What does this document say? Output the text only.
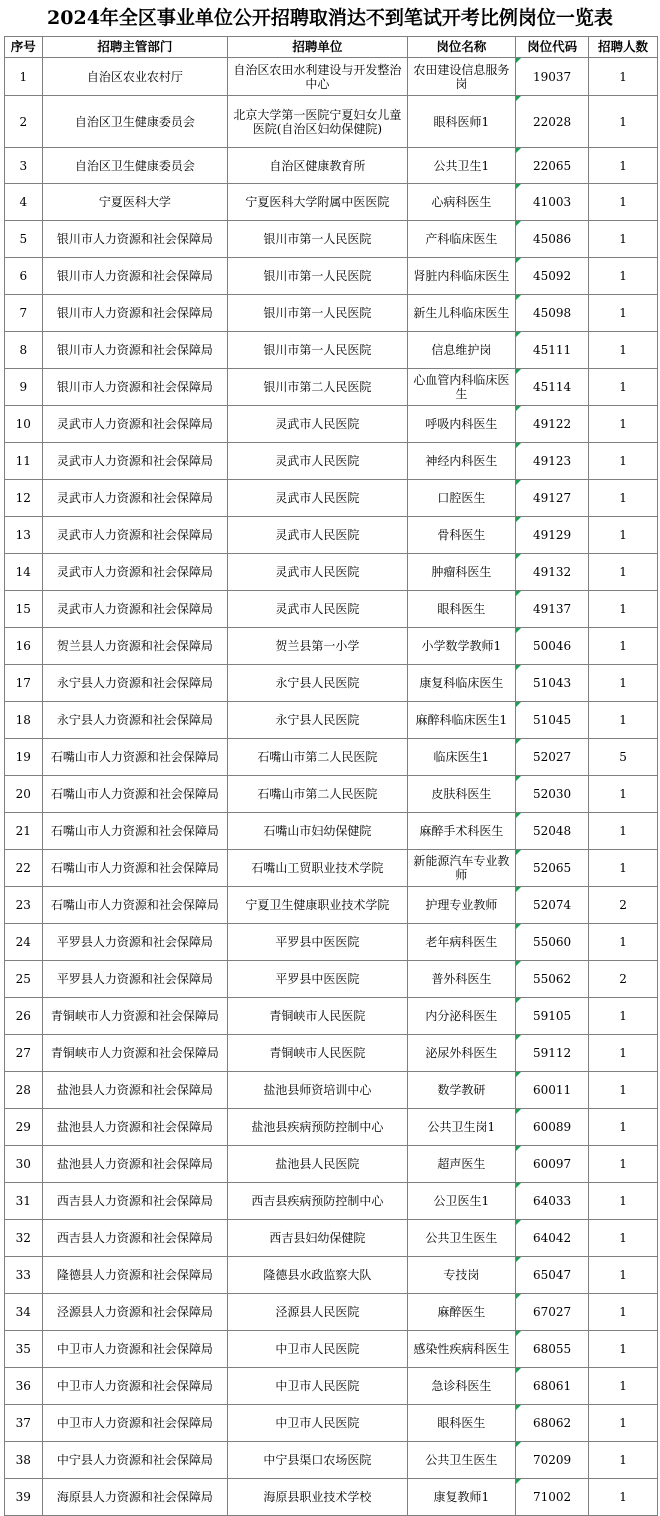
2024年全区事业单位公开招聘取消达不到笔试开考比例岗位一览表
序号	招聘主管部门	招聘单位	岗位名称	岗位代码	招聘人数
1	自治区农业农村厅	自治区农田水利建设与开发整治中心	农田建设信息服务岗	19037	1
2	自治区卫生健康委员会	北京大学第一医院宁夏妇女儿童医院(自治区妇幼保健院)	眼科医师1	22028	1
3	自治区卫生健康委员会	自治区健康教育所	公共卫生1	22065	1
4	宁夏医科大学	宁夏医科大学附属中医医院	心病科医生	41003	1
5	银川市人力资源和社会保障局	银川市第一人民医院	产科临床医生	45086	1
6	银川市人力资源和社会保障局	银川市第一人民医院	肾脏内科临床医生	45092	1
7	银川市人力资源和社会保障局	银川市第一人民医院	新生儿科临床医生	45098	1
8	银川市人力资源和社会保障局	银川市第一人民医院	信息维护岗	45111	1
9	银川市人力资源和社会保障局	银川市第二人民医院	心血管内科临床医生	45114	1
10	灵武市人力资源和社会保障局	灵武市人民医院	呼吸内科医生	49122	1
11	灵武市人力资源和社会保障局	灵武市人民医院	神经内科医生	49123	1
12	灵武市人力资源和社会保障局	灵武市人民医院	口腔医生	49127	1
13	灵武市人力资源和社会保障局	灵武市人民医院	骨科医生	49129	1
14	灵武市人力资源和社会保障局	灵武市人民医院	肿瘤科医生	49132	1
15	灵武市人力资源和社会保障局	灵武市人民医院	眼科医生	49137	1
16	贺兰县人力资源和社会保障局	贺兰县第一小学	小学数学教师1	50046	1
17	永宁县人力资源和社会保障局	永宁县人民医院	康复科临床医生	51043	1
18	永宁县人力资源和社会保障局	永宁县人民医院	麻醉科临床医生1	51045	1
19	石嘴山市人力资源和社会保障局	石嘴山市第二人民医院	临床医生1	52027	5
20	石嘴山市人力资源和社会保障局	石嘴山市第二人民医院	皮肤科医生	52030	1
21	石嘴山市人力资源和社会保障局	石嘴山市妇幼保健院	麻醉手术科医生	52048	1
22	石嘴山市人力资源和社会保障局	石嘴山工贸职业技术学院	新能源汽车专业教师	52065	1
23	石嘴山市人力资源和社会保障局	宁夏卫生健康职业技术学院	护理专业教师	52074	2
24	平罗县人力资源和社会保障局	平罗县中医医院	老年病科医生	55060	1
25	平罗县人力资源和社会保障局	平罗县中医医院	普外科医生	55062	2
26	青铜峡市人力资源和社会保障局	青铜峡市人民医院	内分泌科医生	59105	1
27	青铜峡市人力资源和社会保障局	青铜峡市人民医院	泌尿外科医生	59112	1
28	盐池县人力资源和社会保障局	盐池县师资培训中心	数学教研	60011	1
29	盐池县人力资源和社会保障局	盐池县疾病预防控制中心	公共卫生岗1	60089	1
30	盐池县人力资源和社会保障局	盐池县人民医院	超声医生	60097	1
31	西吉县人力资源和社会保障局	西吉县疾病预防控制中心	公卫医生1	64033	1
32	西吉县人力资源和社会保障局	西吉县妇幼保健院	公共卫生医生	64042	1
33	隆德县人力资源和社会保障局	隆德县水政监察大队	专技岗	65047	1
34	泾源县人力资源和社会保障局	泾源县人民医院	麻醉医生	67027	1
35	中卫市人力资源和社会保障局	中卫市人民医院	感染性疾病科医生	68055	1
36	中卫市人力资源和社会保障局	中卫市人民医院	急诊科医生	68061	1
37	中卫市人力资源和社会保障局	中卫市人民医院	眼科医生	68062	1
38	中宁县人力资源和社会保障局	中宁县渠口农场医院	公共卫生医生	70209	1
39	海原县人力资源和社会保障局	海原县职业技术学校	康复教师1	71002	1
